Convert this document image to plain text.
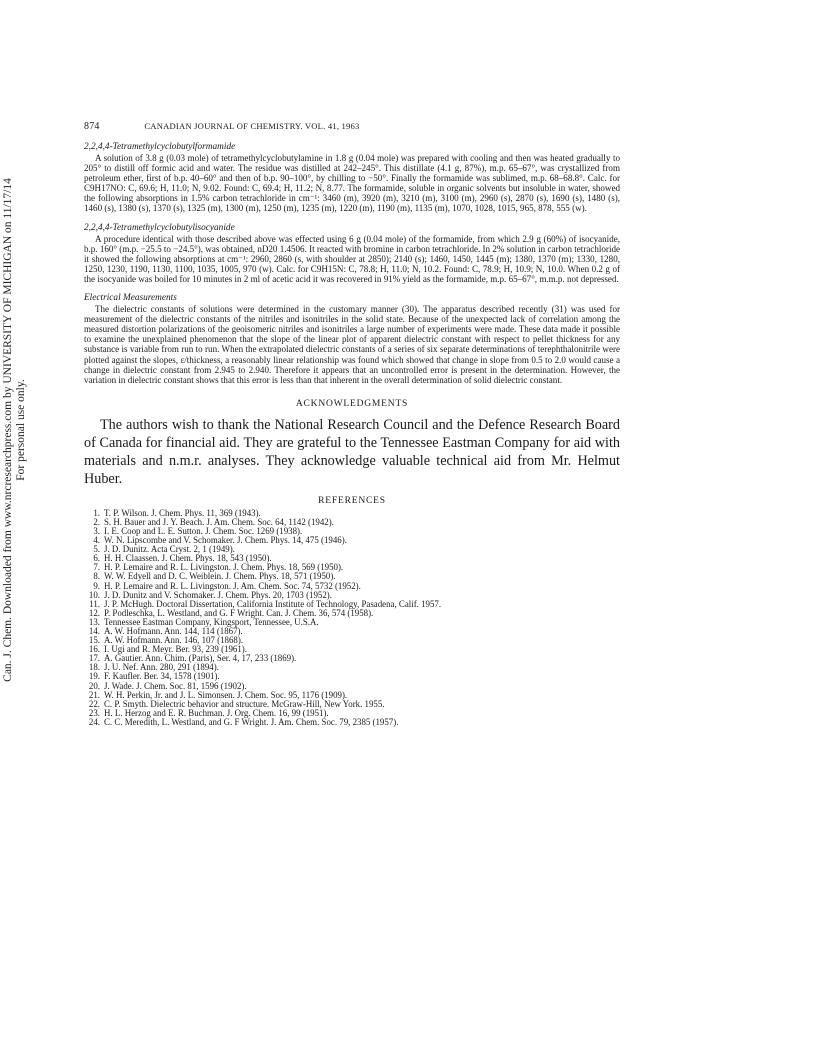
Can. J. Chem. Downloaded from www.nrcresearchpress.com by UNIVERSITY OF MICHIGAN on 11/17/14 For personal use only.
874	CANADIAN JOURNAL OF CHEMISTRY. VOL. 41, 1963
2,2,4,4-Tetramethylcyclobutylformamide

A solution of 3.8 g (0.03 mole) of tetramethylcyclobutylamine in 1.8 g (0.04 mole) was prepared with cooling and then was heated gradually to 205° to distill off formic acid and water. The residue was distilled at 242–245°. This distillate (4.1 g, 87%), m.p. 65–67°, was crystallized from petroleum ether, first of b.p. 40–60° and then of b.p. 90–100°, by chilling to −50°. Finally the formamide was sublimed, m.p. 68–68.8°. Calc. for C9H17NO: C, 69.6; H, 11.0; N, 9.02. Found: C, 69.4; H, 11.2; N, 8.77. The formamide, soluble in organic solvents but insoluble in water, showed the following absorptions in 1.5% carbon tetrachloride in cm⁻¹: 3460 (m), 3920 (m), 3210 (m), 3100 (m), 2960 (s), 2870 (s), 1690 (s), 1480 (s), 1460 (s), 1380 (s), 1370 (s), 1325 (m), 1300 (m), 1250 (m), 1235 (m), 1220 (m), 1190 (m), 1135 (m), 1070, 1028, 1015, 965, 878, 555 (w).

2,2,4,4-Tetramethylcyclobutylisocyanide

A procedure identical with those described above was effected using 6 g (0.04 mole) of the formamide, from which 2.9 g (60%) of isocyanide, b.p. 160° (m.p. −25.5 to −24.5°), was obtained, nD20 1.4506. It reacted with bromine in carbon tetrachloride. In 2% solution in carbon tetrachloride it showed the following absorptions at cm⁻¹: 2960, 2860 (s, with shoulder at 2850); 2140 (s); 1460, 1450, 1445 (m); 1380, 1370 (m); 1330, 1280, 1250, 1230, 1190, 1130, 1100, 1035, 1005, 970 (w). Calc. for C9H15N: C, 78.8; H, 11.0; N, 10.2. Found: C, 78.9; H, 10.9; N, 10.0. When 0.2 g of the isocyanide was boiled for 10 minutes in 2 ml of acetic acid it was recovered in 91% yield as the formamide, m.p. 65–67°, m.m.p. not depressed.

Electrical Measurements

The dielectric constants of solutions were determined in the customary manner (30). The apparatus described recently (31) was used for measurement of the dielectric constants of the nitriles and isonitriles in the solid state. Because of the unexpected lack of correlation among the measured distortion polarizations of the geoisomeric nitriles and isonitriles a large number of experiments were made. These data made it possible to examine the unexplained phenomenon that the slope of the linear plot of apparent dielectric constant with respect to pellet thickness for any substance is variable from run to run. When the extrapolated dielectric constants of a series of six separate determinations of terephthalonitrile were plotted against the slopes, ε/thickness, a reasonably linear relationship was found which showed that change in slope from 0.5 to 2.0 would cause a change in dielectric constant from 2.945 to 2.940. Therefore it appears that an uncontrolled error is present in the determination. However, the variation in dielectric constant shows that this error is less than that inherent in the overall determination of solid dielectric constant.

ACKNOWLEDGMENTS

The authors wish to thank the National Research Council and the Defence Research Board of Canada for financial aid. They are grateful to the Tennessee Eastman Company for aid with materials and n.m.r. analyses. They acknowledge valuable technical aid from Mr. Helmut Huber.

REFERENCES
1. T. P. Wilson. J. Chem. Phys. 11, 369 (1943).
2. S. H. Bauer and J. Y. Beach. J. Am. Chem. Soc. 64, 1142 (1942).
3. I. E. Coop and L. E. Sutton. J. Chem. Soc. 1269 (1938).
4. W. N. Lipscombe and V. Schomaker. J. Chem. Phys. 14, 475 (1946).
5. J. D. Dunitz. Acta Cryst. 2, 1 (1949).
6. H. H. Claassen. J. Chem. Phys. 18, 543 (1950).
7. H. P. Lemaire and R. L. Livingston. J. Chem. Phys. 18, 569 (1950).
8. W. W. Edyell and D. C. Weiblein. J. Chem. Phys. 18, 571 (1950).
9. H. P. Lemaire and R. L. Livingston. J. Am. Chem. Soc. 74, 5732 (1952).
10. J. D. Dunitz and V. Schomaker. J. Chem. Phys. 20, 1703 (1952).
11. J. P. McHugh. Doctoral Dissertation, California Institute of Technology, Pasadena, Calif. 1957.
12. P. Podleschka, L. Westland, and G. F Wright. Can. J. Chem. 36, 574 (1958).
13. Tennessee Eastman Company, Kingsport, Tennessee, U.S.A.
14. A. W. Hofmann. Ann. 144, 114 (1867).
15. A. W. Hofmann. Ann. 146, 107 (1868).
16. I. Ugi and R. Meyr. Ber. 93, 239 (1961).
17. A. Gautier. Ann. Chim. (Paris), Ser. 4, 17, 233 (1869).
18. J. U. Nef. Ann. 280, 291 (1894).
19. F. Kaufler. Ber. 34, 1578 (1901).
20. J. Wade. J. Chem. Soc. 81, 1596 (1902).
21. W. H. Perkin, Jr. and J. L. Simonsen. J. Chem. Soc. 95, 1176 (1909).
22. C. P. Smyth. Dielectric behavior and structure. McGraw-Hill, New York. 1955.
23. H. L. Herzog and E. R. Buchman. J. Org. Chem. 16, 99 (1951).
24. C. C. Meredith, L. Westland, and G. F Wright. J. Am. Chem. Soc. 79, 2385 (1957).
